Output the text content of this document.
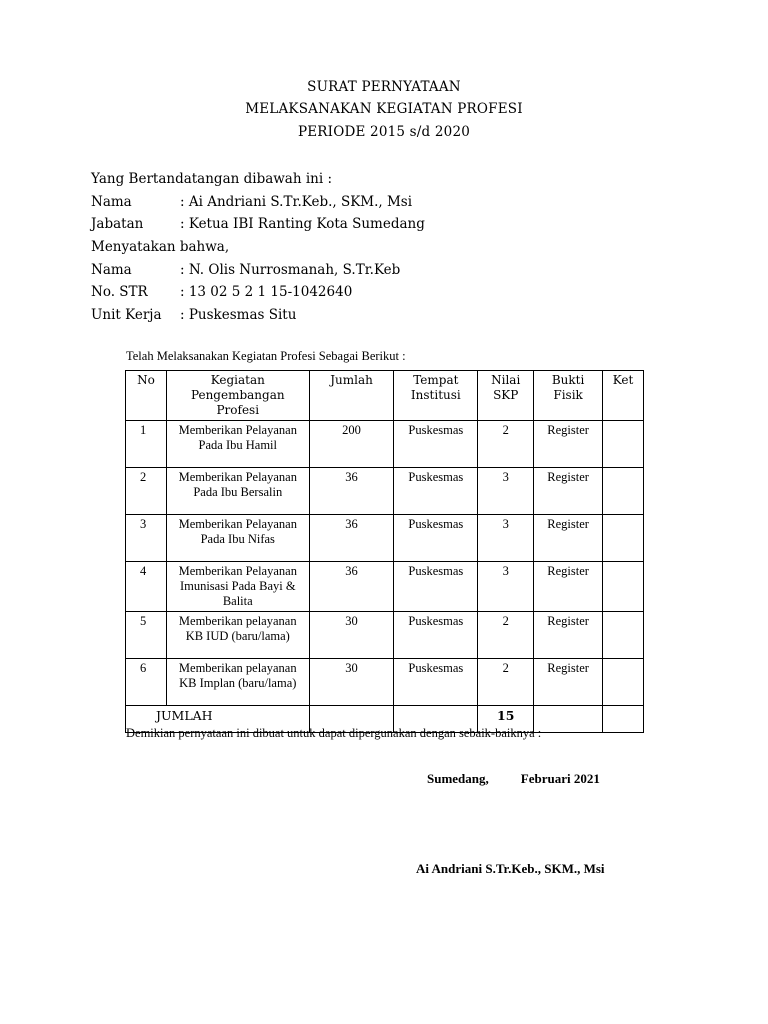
SURAT PERNYATAAN
MELAKSANAKAN KEGIATAN PROFESI
PERIODE 2015 s/d 2020
Yang Bertandatangan dibawah ini :
Nama	: Ai Andriani S.Tr.Keb., SKM., Msi
Jabatan	: Ketua IBI Ranting Kota Sumedang
Menyatakan bahwa,
Nama	: N. Olis Nurrosmanah, S.Tr.Keb
No. STR : 13 02 5 2 1 15-1042640
Unit Kerja : Puskesmas Situ
Telah Melaksanakan Kegiatan Profesi Sebagai Berikut :
No	Kegiatan Pengembangan Profesi	Jumlah	Tempat Institusi	Nilai SKP	Bukti Fisik	Ket
1	Memberikan Pelayanan Pada Ibu Hamil	200	Puskesmas	2	Register	
2	Memberikan Pelayanan Pada Ibu Bersalin	36	Puskesmas	3	Register	
3	Memberikan Pelayanan Pada Ibu Nifas	36	Puskesmas	3	Register	
4	Memberikan Pelayanan Imunisasi Pada Bayi & Balita	36	Puskesmas	3	Register	
5	Memberikan pelayanan KB IUD (baru/lama)	30	Puskesmas	2	Register	
6	Memberikan pelayanan KB Implan (baru/lama)	30	Puskesmas	2	Register	
JUMLAH				15		
Demikian pernyataan ini dibuat untuk dapat dipergunakan dengan sebaik-baiknya :
Sumedang, Februari 2021
Ai Andriani S.Tr.Keb., SKM., Msi
